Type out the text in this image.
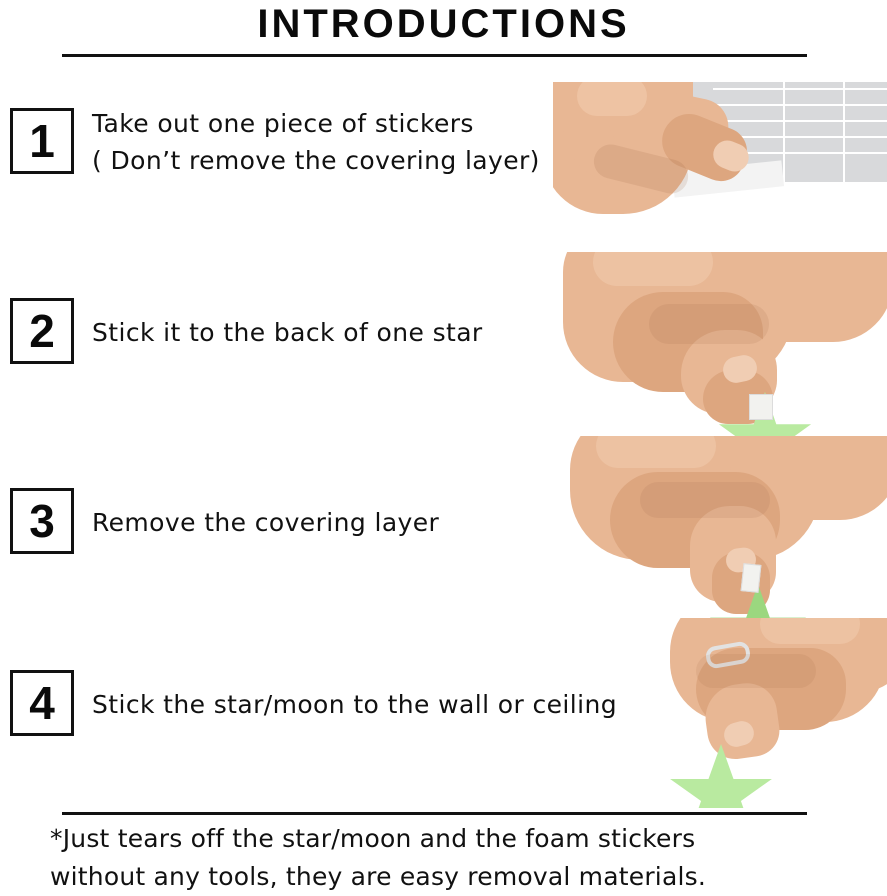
INTRODUCTIONS
1	Take out one piece of stickers
( Don’t remove the covering layer)
2	Stick it to the back of one star
3	Remove the covering layer
4	Stick the star/moon to the wall or ceiling
*Just tears off the star/moon and the foam stickers
without any tools, they are easy removal materials.
